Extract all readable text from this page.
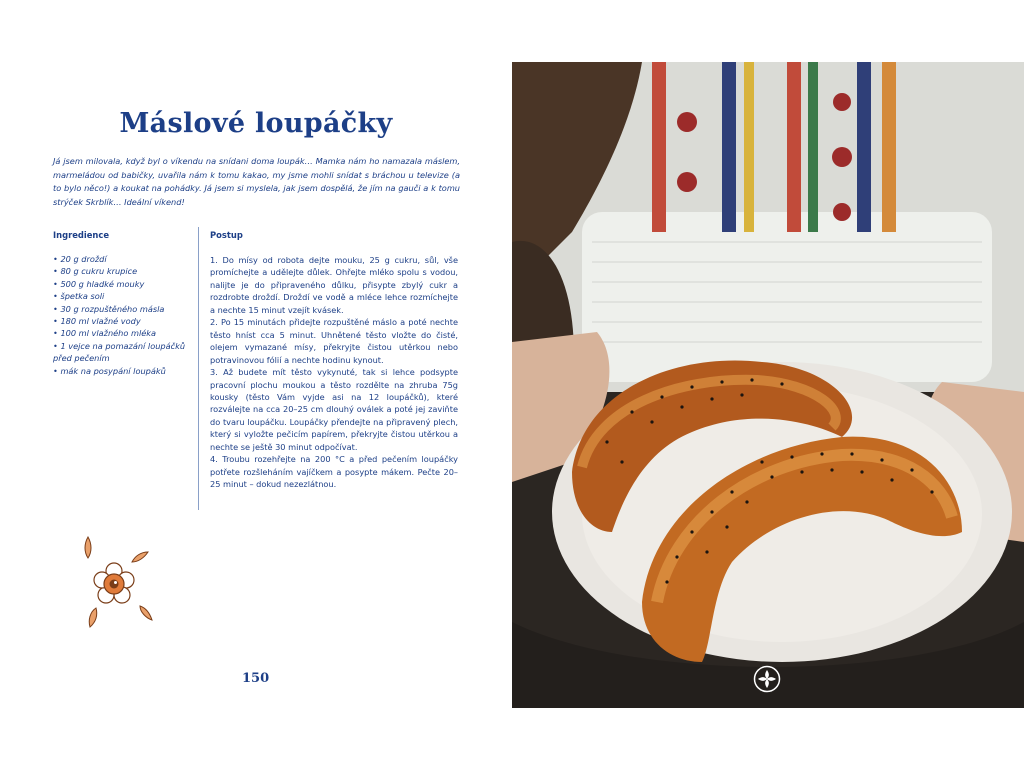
Máslové loupáčky

Já jsem milovala, když byl o víkendu na snídani doma loupák… Mamka nám ho namazala máslem, marmeládou od babičky, uvařila nám k tomu kakao, my jsme mohli snídat s bráchou u televize (a to bylo něco!) a koukat na pohádky. Já jsem si myslela, jak jsem dospělá, že jím na gauči a k tomu strýček Skrblík… Ideální víkend!

Ingredience	Postup
• 20 g droždí
• 80 g cukru krupice
• 500 g hladké mouky
• špetka soli
• 30 g rozpuštěného másla
• 180 ml vlažné vody
• 100 ml vlažného mléka
• 1 vejce na pomazání loupáčků před pečením
• mák na posypání loupáků

1. Do mísy od robota dejte mouku, 25 g cukru, sůl, vše promíchejte a udělejte důlek. Ohřejte mléko spolu s vodou, nalijte je do připraveného důlku, přisypte zbylý cukr a rozdrobte droždí. Droždí ve vodě a mléce lehce rozmíchejte a nechte 15 minut vzejít kvásek.

2. Po 15 minutách přidejte rozpuštěné máslo a poté nechte těsto hníst cca 5 minut. Uhnětené těsto vložte do čisté, olejem vymazané mísy, překryjte čistou utěrkou nebo potravinovou fólií a nechte hodinu kynout.

3. Až budete mít těsto vykynuté, tak si lehce podsypte pracovní plochu moukou a těsto rozdělte na zhruba 75g kousky (těsto Vám vyjde asi na 12 loupáčků), které rozválejte na cca 20–25 cm dlouhý oválek a poté jej zaviňte do tvaru loupáčku. Loupáčky přendejte na připravený plech, který si vyložte pečicím papírem, překryjte čistou utěrkou a nechte se ještě 30 minut odpočívat.

4. Troubu rozehřejte na 200 °C a před pečením loupáčky potřete rozšleháním vajíčkem a posypte mákem. Pečte 20–25 minut – dokud nezezlátnou.

150
